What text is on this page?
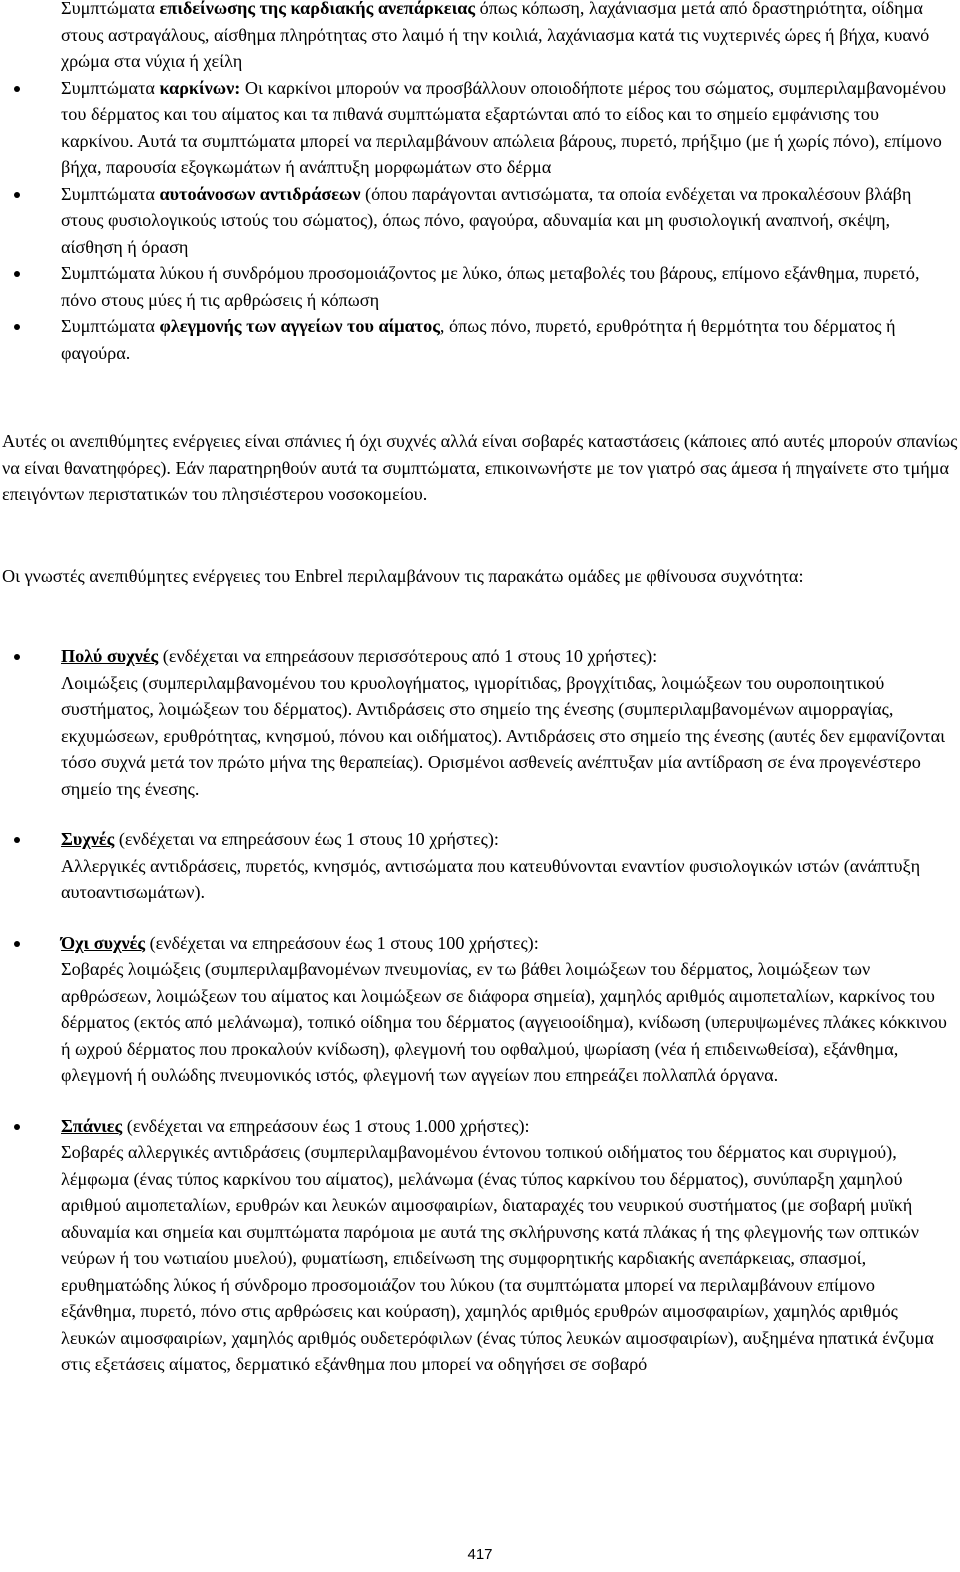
Συμπτώματα επιδείνωσης της καρδιακής ανεπάρκειας όπως κόπωση, λαχάνιασμα μετά από δραστηριότητα, οίδημα στους αστραγάλους, αίσθημα πληρότητας στο λαιμό ή την κοιλιά, λαχάνιασμα κατά τις νυχτερινές ώρες ή βήχα, κυανό χρώμα στα νύχια ή χείλη
Συμπτώματα καρκίνων: Οι καρκίνοι μπορούν να προσβάλλουν οποιοδήποτε μέρος του σώματος, συμπεριλαμβανομένου του δέρματος και του αίματος και τα πιθανά συμπτώματα εξαρτώνται από το είδος και το σημείο εμφάνισης του καρκίνου. Αυτά τα συμπτώματα μπορεί να περιλαμβάνουν απώλεια βάρους, πυρετό, πρήξιμο (με ή χωρίς πόνο), επίμονο βήχα, παρουσία εξογκωμάτων ή ανάπτυξη μορφωμάτων στο δέρμα
Συμπτώματα αυτοάνοσων αντιδράσεων (όπου παράγονται αντισώματα, τα οποία ενδέχεται να προκαλέσουν βλάβη στους φυσιολογικούς ιστούς του σώματος), όπως πόνο, φαγούρα, αδυναμία και μη φυσιολογική αναπνοή, σκέψη, αίσθηση ή όραση
Συμπτώματα λύκου ή συνδρόμου προσομοιάζοντος με λύκο, όπως μεταβολές του βάρους, επίμονο εξάνθημα, πυρετό, πόνο στους μύες ή τις αρθρώσεις ή κόπωση
Συμπτώματα φλεγμονής των αγγείων του αίματος, όπως πόνο, πυρετό, ερυθρότητα ή θερμότητα του δέρματος ή φαγούρα.

Αυτές οι ανεπιθύμητες ενέργειες είναι σπάνιες ή όχι συχνές αλλά είναι σοβαρές καταστάσεις (κάποιες από αυτές μπορούν σπανίως να είναι θανατηφόρες). Εάν παρατηρηθούν αυτά τα συμπτώματα, επικοινωνήστε με τον γιατρό σας άμεσα ή πηγαίνετε στο τμήμα επειγόντων περιστατικών του πλησιέστερου νοσοκομείου.

Οι γνωστές ανεπιθύμητες ενέργειες του Enbrel περιλαμβάνουν τις παρακάτω ομάδες με φθίνουσα συχνότητα:

Πολύ συχνές (ενδέχεται να επηρεάσουν περισσότερους από 1 στους 10 χρήστες):
Λοιμώξεις (συμπεριλαμβανομένου του κρυολογήματος, ιγμορίτιδας, βρογχίτιδας, λοιμώξεων του ουροποιητικού συστήματος, λοιμώξεων του δέρματος). Αντιδράσεις στο σημείο της ένεσης (συμπεριλαμβανομένων αιμορραγίας, εκχυμώσεων, ερυθρότητας, κνησμού, πόνου και οιδήματος). Αντιδράσεις στο σημείο της ένεσης (αυτές δεν εμφανίζονται τόσο συχνά μετά τον πρώτο μήνα της θεραπείας). Ορισμένοι ασθενείς ανέπτυξαν μία αντίδραση σε ένα προγενέστερο σημείο της ένεσης.
Συχνές (ενδέχεται να επηρεάσουν έως 1 στους 10 χρήστες):
Αλλεργικές αντιδράσεις, πυρετός, κνησμός, αντισώματα που κατευθύνονται εναντίον φυσιολογικών ιστών (ανάπτυξη αυτοαντισωμάτων).
Όχι συχνές (ενδέχεται να επηρεάσουν έως 1 στους 100 χρήστες):
Σοβαρές λοιμώξεις (συμπεριλαμβανομένων πνευμονίας, εν τω βάθει λοιμώξεων του δέρματος, λοιμώξεων των αρθρώσεων, λοιμώξεων του αίματος και λοιμώξεων σε διάφορα σημεία), χαμηλός αριθμός αιμοπεταλίων, καρκίνος του δέρματος (εκτός από μελάνωμα), τοπικό οίδημα του δέρματος (αγγειοοίδημα), κνίδωση (υπερυψωμένες πλάκες κόκκινου ή ωχρού δέρματος που προκαλούν κνίδωση), φλεγμονή του οφθαλμού, ψωρίαση (νέα ή επιδεινωθείσα), εξάνθημα, φλεγμονή ή ουλώδης πνευμονικός ιστός, φλεγμονή των αγγείων που επηρεάζει πολλαπλά όργανα.
Σπάνιες (ενδέχεται να επηρεάσουν έως 1 στους 1.000 χρήστες):
Σοβαρές αλλεργικές αντιδράσεις (συμπεριλαμβανομένου έντονου τοπικού οιδήματος του δέρματος και συριγμού), λέμφωμα (ένας τύπος καρκίνου του αίματος), μελάνωμα (ένας τύπος καρκίνου του δέρματος), συνύπαρξη χαμηλού αριθμού αιμοπεταλίων, ερυθρών και λευκών αιμοσφαιρίων, διαταραχές του νευρικού συστήματος (με σοβαρή μυϊκή αδυναμία και σημεία και συμπτώματα παρόμοια με αυτά της σκλήρυνσης κατά πλάκας ή της φλεγμονής των οπτικών νεύρων ή του νωτιαίου μυελού), φυματίωση, επιδείνωση της συμφορητικής καρδιακής ανεπάρκειας, σπασμοί, ερυθηματώδης λύκος ή σύνδρομο προσομοιάζον του λύκου (τα συμπτώματα μπορεί να περιλαμβάνουν επίμονο εξάνθημα, πυρετό, πόνο στις αρθρώσεις και κούραση), χαμηλός αριθμός ερυθρών αιμοσφαιρίων, χαμηλός αριθμός λευκών αιμοσφαιρίων, χαμηλός αριθμός ουδετερόφιλων (ένας τύπος λευκών αιμοσφαιρίων), αυξημένα ηπατικά ένζυμα στις εξετάσεις αίματος, δερματικό εξάνθημα που μπορεί να οδηγήσει σε σοβαρό
417
